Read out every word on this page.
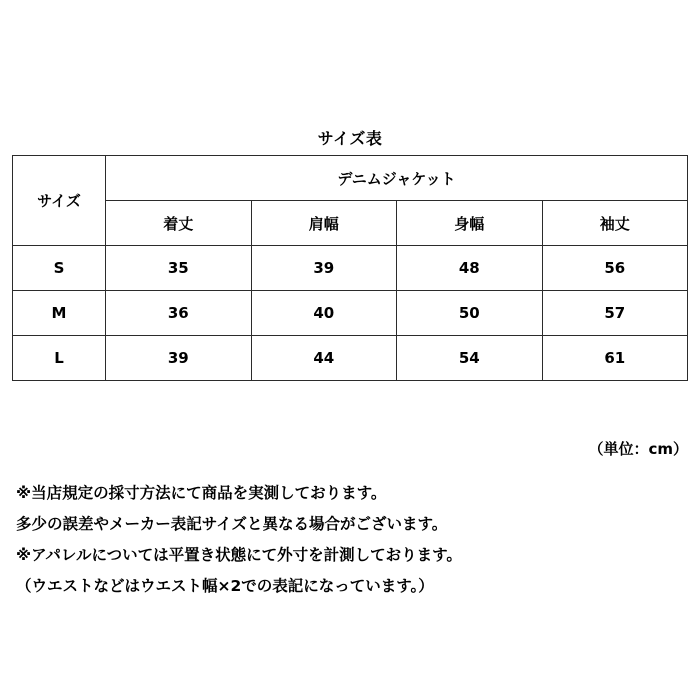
サイズ表
サイズ	デニムジャケット			
	着丈	肩幅	身幅	袖丈
S	35	39	48	56
M	36	40	50	57
L	39	44	54	61
（単位：cm）
※当店規定の採寸方法にて商品を実測しております。
多少の誤差やメーカー表記サイズと異なる場合がございます。
※アパレルについては平置き状態にて外寸を計測しております。
（ウエストなどはウエスト幅×2での表記になっています。）
